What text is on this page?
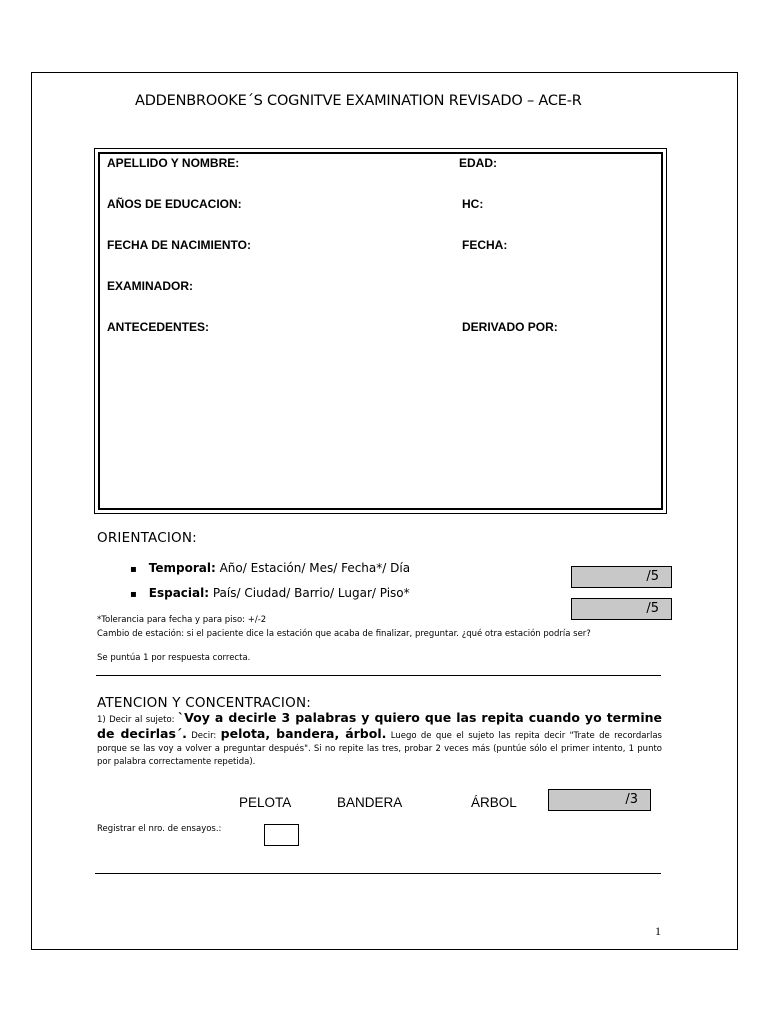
ADDENBROOKE´S COGNITVE EXAMINATION REVISADO – ACE-R
APELLIDO Y NOMBRE:	EDAD:
AÑOS DE EDUCACION:	HC:
FECHA DE NACIMIENTO:	FECHA:
EXAMINADOR:
ANTECEDENTES:	DERIVADO POR:
ORIENTACION:
▪ Temporal: Año/ Estación/ Mes/ Fecha*/ Día
/5
▪ Espacial: País/ Ciudad/ Barrio/ Lugar/ Piso*
/5
*Tolerancia para fecha y para piso: +/-2
Cambio de estación: si el paciente dice la estación que acaba de finalizar, preguntar. ¿qué otra estación podría ser?
Se puntúa 1 por respuesta correcta.
ATENCION Y CONCENTRACION:
1) Decir al sujeto: `Voy a decirle 3 palabras y quiero que las repita cuando yo termine de decirlas´. Decir: pelota, bandera, árbol. Luego de que el sujeto las repita decir "Trate de recordarlas porque se las voy a volver a preguntar después". Si no repite las tres, probar 2 veces más (puntúe sólo el primer intento, 1 punto por palabra correctamente repetida).
PELOTA	BANDERA	ÁRBOL	/3
Registrar el nro. de ensayos.:
1
